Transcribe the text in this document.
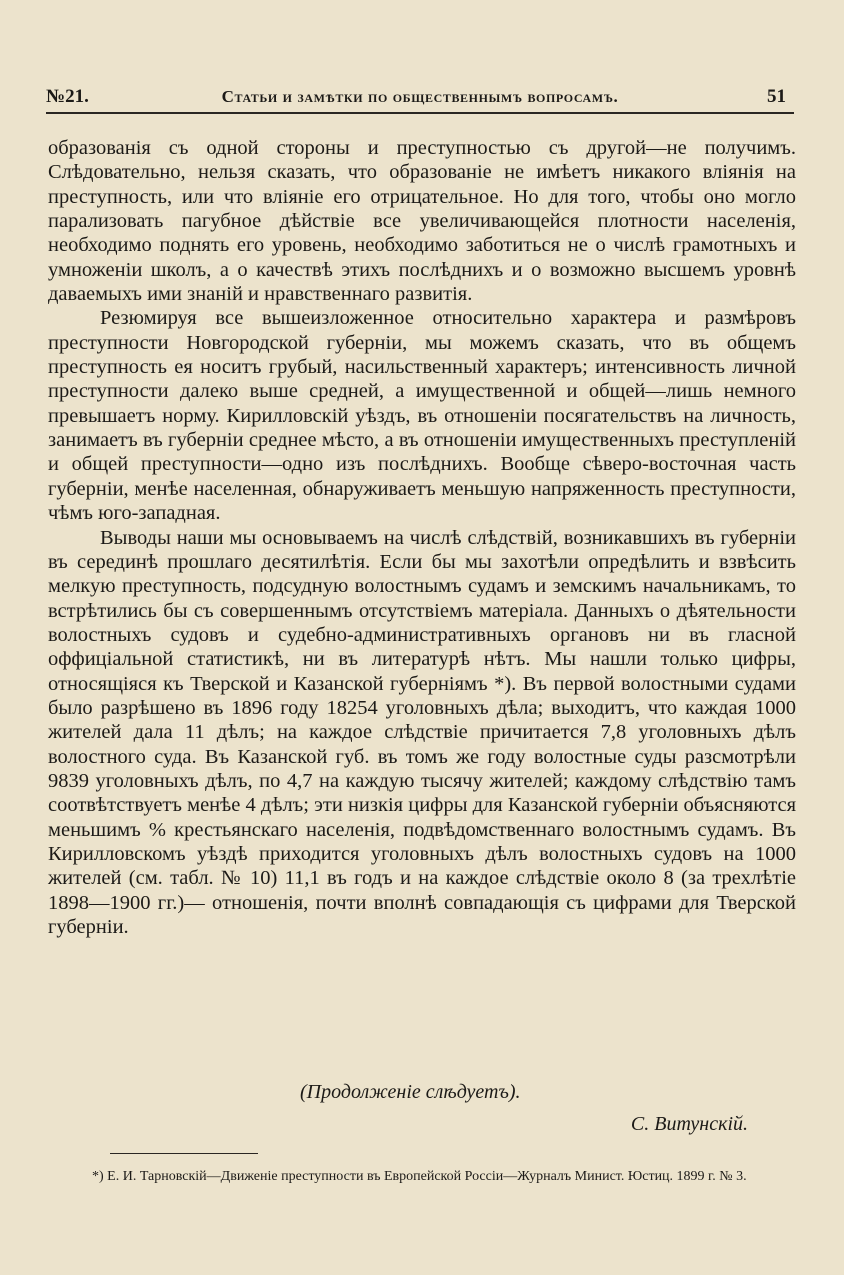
№21.	Статьи и замѣтки по общественнымъ вопросамъ.	51

образованія съ одной стороны и преступностью съ другой—не получимъ. Слѣдовательно, нельзя сказать, что образованіе не имѣетъ никакого вліянія на преступность, или что вліяніе его отрицательное. Но для того, чтобы оно могло парализовать пагубное дѣйствіе все увеличивающейся плотности населенія, необходимо поднять его уровень, необходимо заботиться не о числѣ грамотныхъ и умноженіи школъ, а о качествѣ этихъ послѣднихъ и о возможно высшемъ уровнѣ даваемыхъ ими знаній и нравственнаго развитія.

Резюмируя все вышеизложенное относительно характера и размѣровъ преступности Новгородской губерніи, мы можемъ сказать, что въ общемъ преступность ея носитъ грубый, насильственный характеръ; интенсивность личной преступности далеко выше средней, а имущественной и общей—лишь немного превышаетъ норму. Кирилловскій уѣздъ, въ отношеніи посягательствъ на личность, занимаетъ въ губерніи среднее мѣсто, а въ отношеніи имущественныхъ преступленій и общей преступности—одно изъ послѣднихъ. Вообще сѣверо-восточная часть губерніи, менѣе населенная, обнаруживаетъ меньшую напряженность преступности, чѣмъ юго-западная.

Выводы наши мы основываемъ на числѣ слѣдствій, возникавшихъ въ губерніи въ серединѣ прошлаго десятилѣтія. Если бы мы захотѣли опредѣлить и взвѣсить мелкую преступность, подсудную волостнымъ судамъ и земскимъ начальникамъ, то встрѣтились бы съ совершеннымъ отсутствіемъ матеріала. Данныхъ о дѣятельности волостныхъ судовъ и судебно-административныхъ органовъ ни въ гласной оффиціальной статистикѣ, ни въ литературѣ нѣтъ. Мы нашли только цифры, относящіяся къ Тверской и Казанской губерніямъ *). Въ первой волостными судами было разрѣшено въ 1896 году 18254 уголовныхъ дѣла; выходитъ, что каждая 1000 жителей дала 11 дѣлъ; на каждое слѣдствіе причитается 7,8 уголовныхъ дѣлъ волостного суда. Въ Казанской губ. въ томъ же году волостные суды разсмотрѣли 9839 уголовныхъ дѣлъ, по 4,7 на каждую тысячу жителей; каждому слѣдствію тамъ соотвѣтствуетъ менѣе 4 дѣлъ; эти низкія цифры для Казанской губерніи объясняются меньшимъ % крестьянскаго населенія, подвѣдомственнаго волостнымъ судамъ. Въ Кирилловскомъ уѣздѣ приходится уголовныхъ дѣлъ волостныхъ судовъ на 1000 жителей (см. табл. № 10) 11,1 въ годъ и на каждое слѣдствіе около 8 (за трехлѣтіе 1898—1900 гг.)— отношенія, почти вполнѣ совпадающія съ цифрами для Тверской губерніи.

(Продолженіе слѣдуетъ).
С. Витунскій.
*) Е. И. Тарновскій—Движеніе преступности въ Европейской Россіи—Журналъ Минист. Юстиц. 1899 г. № 3.
